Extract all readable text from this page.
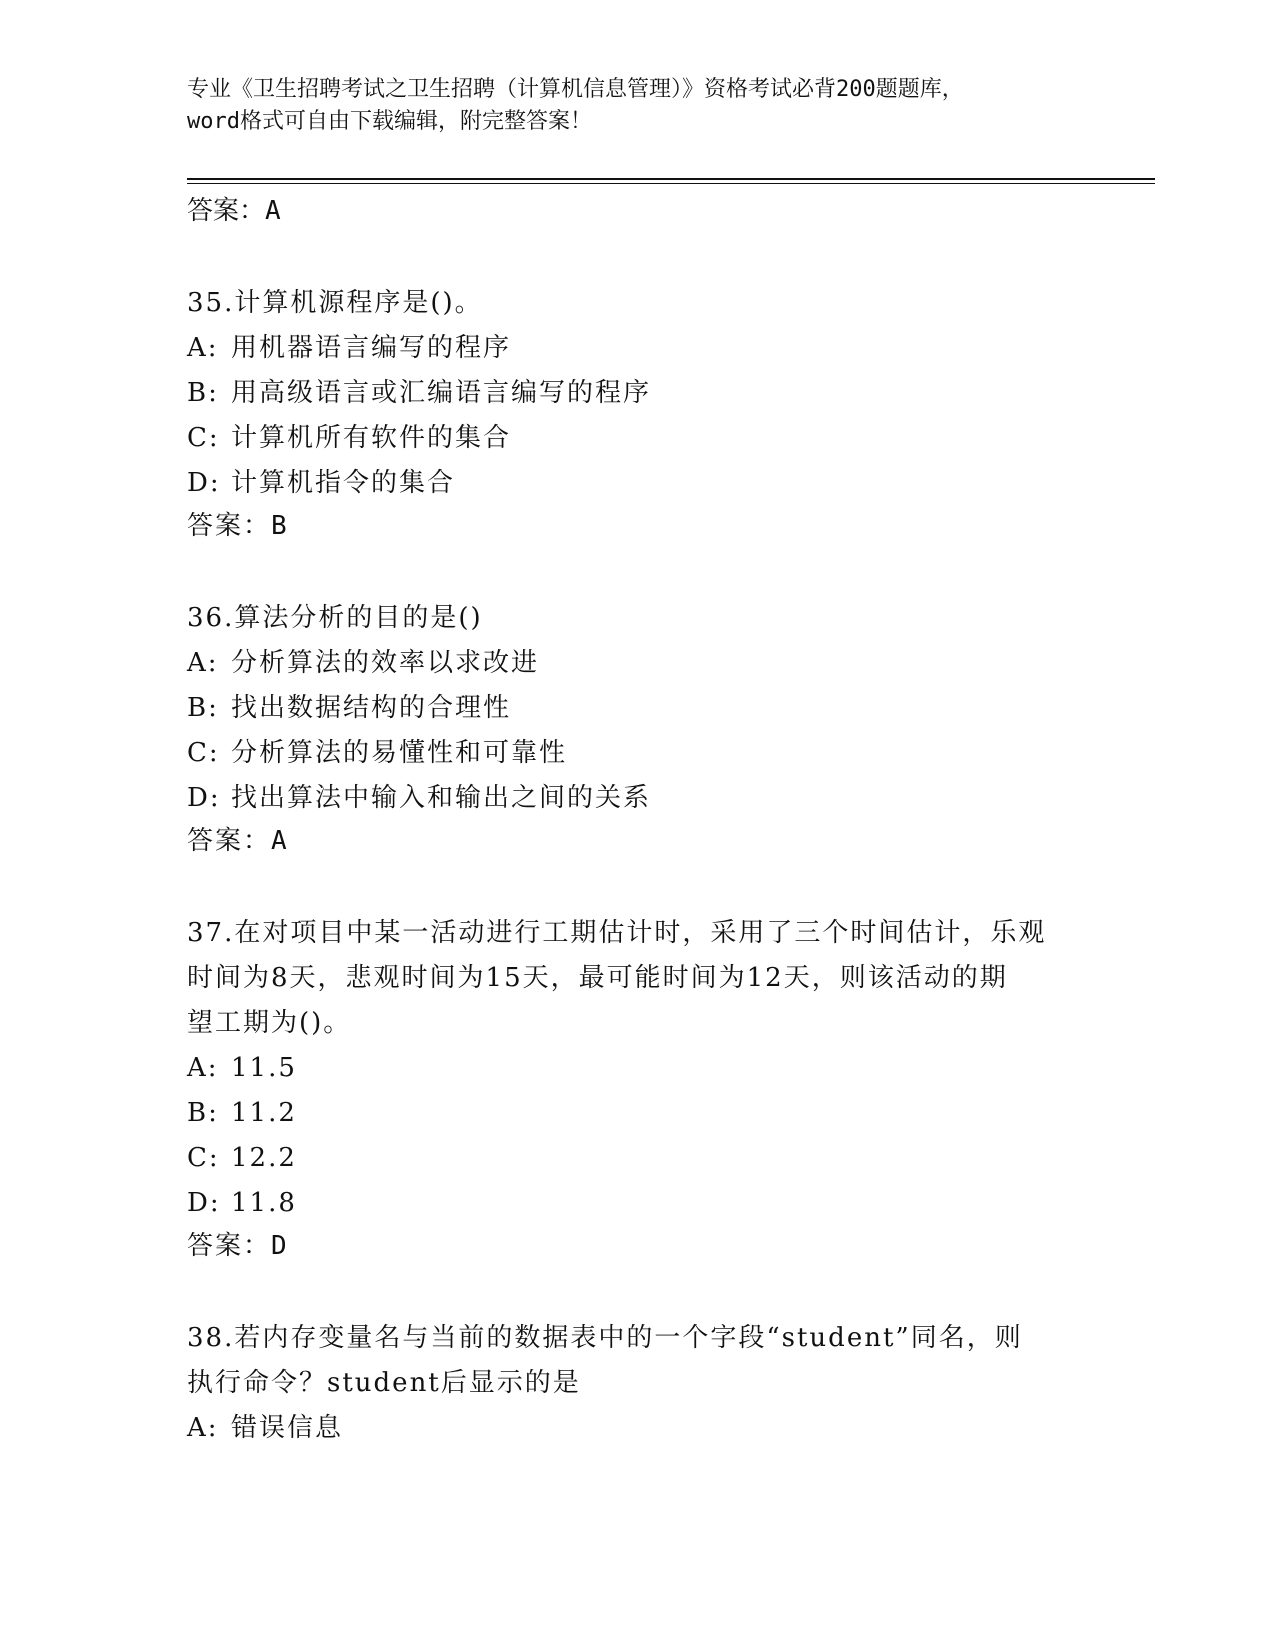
专业《卫生招聘考试之卫生招聘（计算机信息管理）》资格考试必背200题题库，
word格式可自由下载编辑，附完整答案！
答案：A
35.计算机源程序是()。
A: 用机器语言编写的程序
B: 用高级语言或汇编语言编写的程序
C: 计算机所有软件的集合
D: 计算机指令的集合
答案：B
36.算法分析的目的是()
A: 分析算法的效率以求改进
B: 找出数据结构的合理性
C: 分析算法的易懂性和可靠性
D: 找出算法中输入和输出之间的关系
答案：A
37.在对项目中某一活动进行工期估计时，采用了三个时间估计，乐观
时间为8天，悲观时间为15天，最可能时间为12天，则该活动的期
望工期为()。
A: 11.5
B: 11.2
C: 12.2
D: 11.8
答案：D
38.若内存变量名与当前的数据表中的一个字段“student”同名，则
执行命令？student后显示的是
A: 错误信息
